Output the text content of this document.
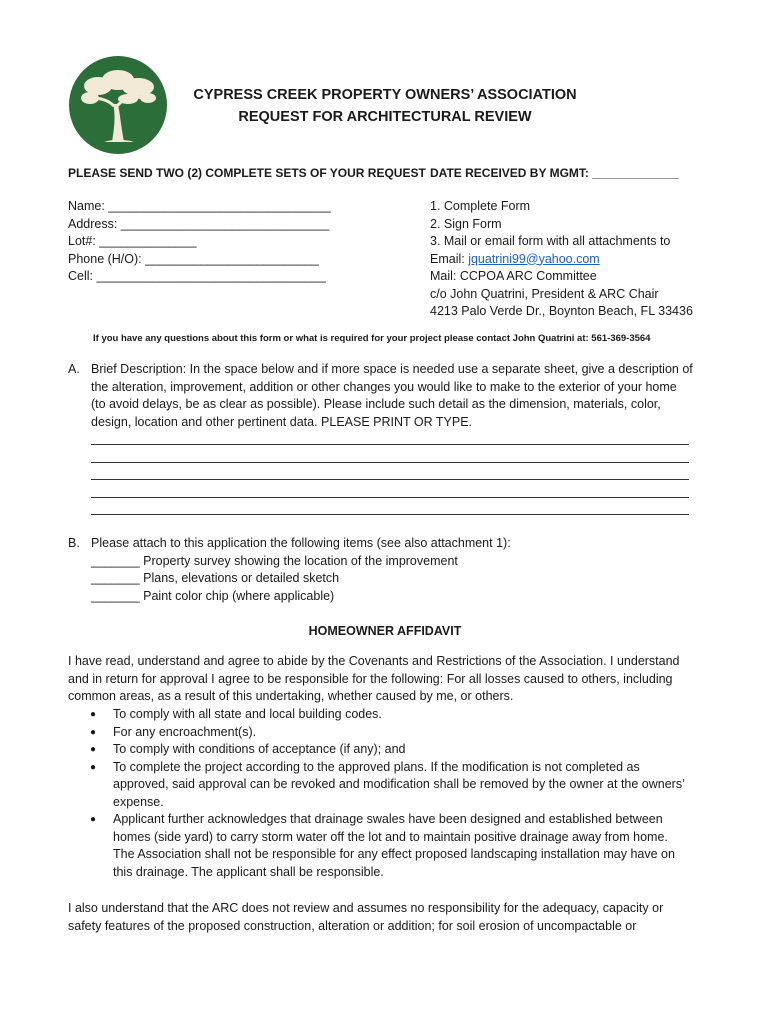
CYPRESS CREEK PROPERTY OWNERS’ ASSOCIATION
REQUEST FOR ARCHITECTURAL REVIEW
PLEASE SEND TWO (2) COMPLETE SETS OF YOUR REQUEST DATE RECEIVED BY MGMT: _____________
Name: ________________________________
Address: ______________________________
Lot#: ______________
Phone (H/O): _________________________
Cell: _________________________________
1. Complete Form
2. Sign Form
3. Mail or email form with all attachments to
Email: jquatrini99@yahoo.com
Mail: CCPOA ARC Committee
c/o John Quatrini, President & ARC Chair
4213 Palo Verde Dr., Boynton Beach, FL 33436
If you have any questions about this form or what is required for your project please contact John Quatrini at: 561-369-3564
A. Brief Description: In the space below and if more space is needed use a separate sheet, give a description of
the alteration, improvement, addition or other changes you would like to make to the exterior of your home
(to avoid delays, be as clear as possible). Please include such detail as the dimension, materials, color,
design, location and other pertinent data. PLEASE PRINT OR TYPE.
B. Please attach to this application the following items (see also attachment 1):
_______ Property survey showing the location of the improvement
_______ Plans, elevations or detailed sketch
_______ Paint color chip (where applicable)
HOMEOWNER AFFIDAVIT
I have read, understand and agree to abide by the Covenants and Restrictions of the Association. I understand
and in return for approval I agree to be responsible for the following: For all losses caused to others, including
common areas, as a result of this undertaking, whether caused by me, or others.
● To comply with all state and local building codes.
● For any encroachment(s).
● To comply with conditions of acceptance (if any); and
● To complete the project according to the approved plans. If the modification is not completed as
approved, said approval can be revoked and modification shall be removed by the owner at the owners’
expense.
● Applicant further acknowledges that drainage swales have been designed and established between
homes (side yard) to carry storm water off the lot and to maintain positive drainage away from home.
The Association shall not be responsible for any effect proposed landscaping installation may have on
this drainage. The applicant shall be responsible.
I also understand that the ARC does not review and assumes no responsibility for the adequacy, capacity or
safety features of the proposed construction, alteration or addition; for soil erosion of uncompactable or
